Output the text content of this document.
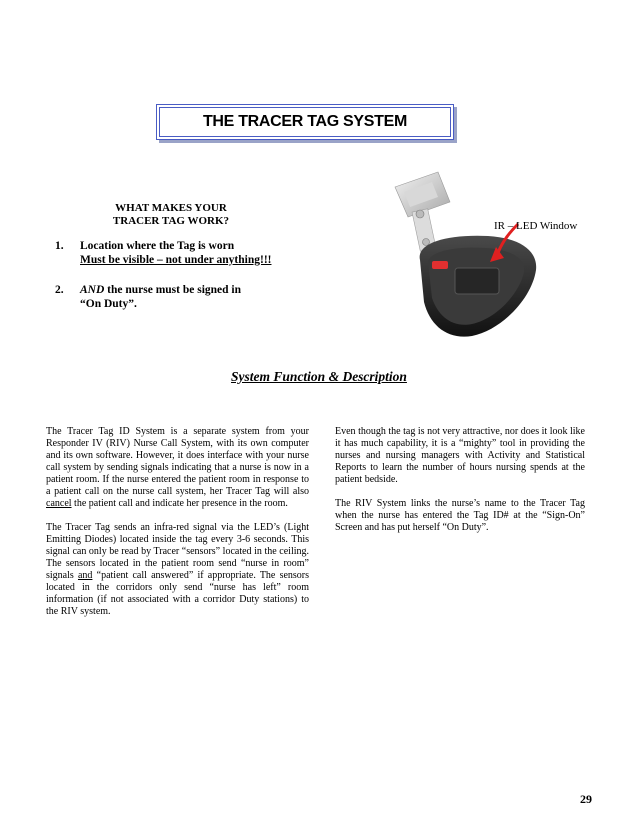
THE TRACER TAG SYSTEM
WHAT MAKES YOUR
TRACER TAG WORK?
1. Location where the Tag is worn
Must be visible – not under anything!!!
2. AND the nurse must be signed in
“On Duty”.
IR – LED Window
System Function & Description

The Tracer Tag ID System is a separate system from your Responder IV (RIV) Nurse Call System, with its own computer and its own software. However, it does interface with your nurse call system by sending signals indicating that a nurse is now in a patient room. If the nurse entered the patient room in response to a patient call on the nurse call system, her Tracer Tag will also cancel the patient call and indicate her presence in the room.

The Tracer Tag sends an infra-red signal via the LED’s (Light Emitting Diodes) located inside the tag every 3-6 seconds. This signal can only be read by Tracer “sensors” located in the ceiling. The sensors located in the patient room send “nurse in room” signals and “patient call answered” if appropriate. The sensors located in the corridors only send “nurse has left” room information (if not associated with a corridor Duty stations) to the RIV system.

Even though the tag is not very attractive, nor does it look like it has much capability, it is a “mighty” tool in providing the nurses and nursing managers with Activity and Statistical Reports to learn the number of hours nursing spends at the patient bedside.

The RIV System links the nurse’s name to the Tracer Tag when the nurse has entered the Tag ID# at the “Sign-On” Screen and has put herself “On Duty”.

29
